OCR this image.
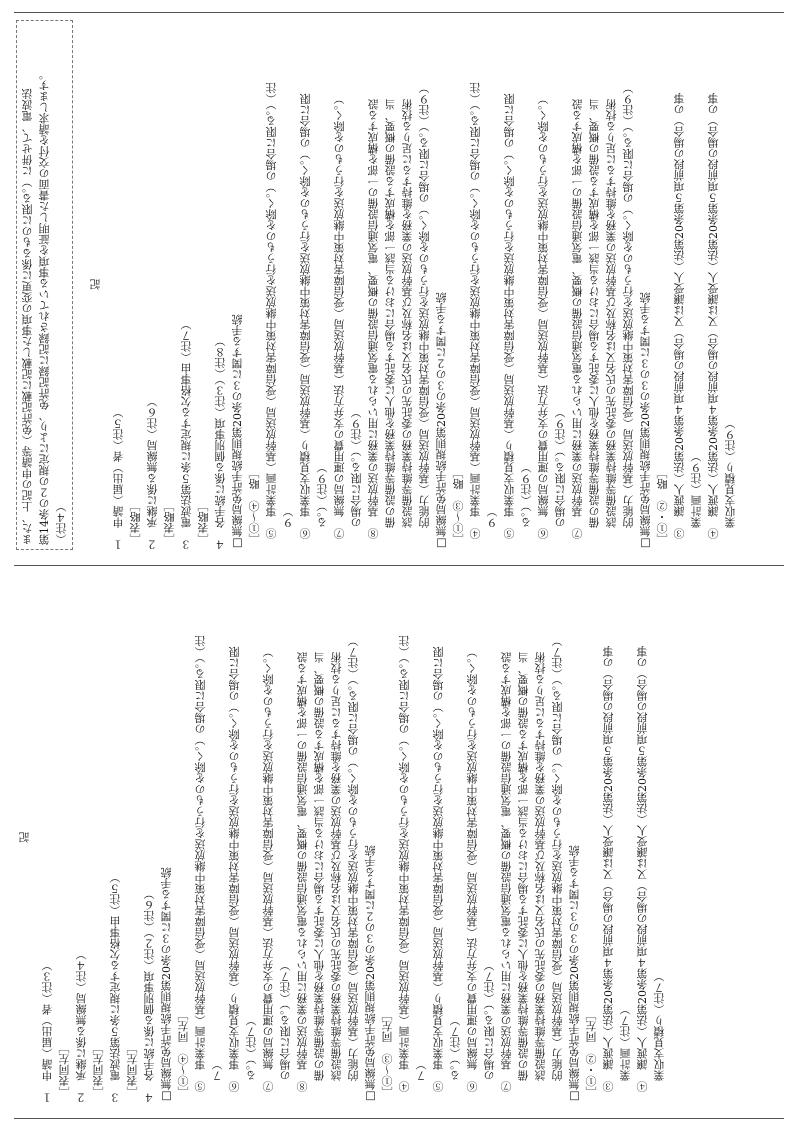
また、上記の申請等（免許記載に記載した事項の変更に係るものに限る。）に併せて、電波法 第14条の２の規定により、免許記録に記録されている事項を証明した書面の交付を請求します。 （注４）

記

１　申請（届出）者（注５） 　［表略］ ２　承継に係る無線局（注６） 　［表略］ ３　電波法第５条に規定する欠格事由（注７） 　［表略］ ４　各手続に係る個別事項（注３）（注８） □無線局免許手続規則第20条の３に関する手続 　［①～④　略］ 　⑤　事業計画（基幹放送局（受信障害対策中継放送を行うものを除く。）の場合に限る。）（注 　　９） 　⑥　事業収支見積り（基幹放送局（受信障害対策中継放送を行うものを除く。）の場合に限 　　る。）（注９） 　⑦　無線局の運用費の支弁方法（基幹放送局（受信障害対策中継放送を行うものを除く。） 　　の場合に限る。）（注９） 　⑧　基幹放送の業務に用いられる電気通信設備の概要、電気通信設備の一部を構成する設 　　備の設備等維持業務を他人に委託する場合における当該一部を構成する設備の概要、当 　　該設備等維持業務の委託先の氏名又は名称及び基幹放送の業務を維持するに足りる技術 　　的能力（基幹放送局（受信障害対策中継放送を行うものを除く。）の場合に限る。）（注９） □無線局免許手続規則第20条の３の２に関する手続 　［①～③　略］ 　④　事業計画（基幹放送局（受信障害対策中継放送を行うものを除く。）の場合に限る。）（注 　　９） 　⑤　事業収支見積り（基幹放送局（受信障害対策中継放送を行うものを除く。）の場合に限 　　る。）（注９） 　⑥　無線局の運用費の支弁方法（基幹放送局（受信障害対策中継放送を行うものを除く。） 　　の場合に限る。）（注９） 　⑦　基幹放送の業務に用いられる電気通信設備の概要、電気通信設備の一部を構成する設 　　備の設備等維持業務を他人に委託する場合における当該一部を構成する設備の概要、当 　　該設備等維持業務の委託先の氏名又は名称及び基幹放送の業務を維持するに足りる技術 　　的能力（基幹放送局（受信障害対策中継放送を行うものを除く。）の場合に限る。）（注９） □無線局免許手続規則第20条の３の３に関する手続 　［①・②　略］ 　③　譲渡人（法第20条第４項前段の場合）又は譲受人（法第20条第５項前段の場合）の事 　　業計画（注９） 　④　譲渡人（法第20条第４項前段の場合）又は譲受人（法第20条第５項前段の場合）の事 　　業収支見積り（注９）

記

１　申請（届出）者（注３） 　［表同左］ ２　承継に係る無線局（注４） 　［表同左］ ３　電波法第５条に規定する欠格事由（注５） 　［表同左］ ４　各手続に係る個別事項（注２）（注６） □無線局免許手続規則第20条の３に関する手続 　［①～④　同左］ 　⑤　事業計画（基幹放送局（受信障害対策中継放送を行うものを除く。）の場合に限る。）（注 　　７） 　⑥　事業収支見積り（基幹放送局（受信障害対策中継放送を行うものを除く。）の場合に限 　　る。）（注７） 　⑦　無線局の運用費の支弁方法（基幹放送局（受信障害対策中継放送を行うものを除く。） 　　の場合に限る。）（注７） 　⑧　基幹放送の業務に用いられる電気通信設備の概要、電気通信設備の一部を構成する設 　　備の設備等維持業務を他人に委託する場合における当該一部を構成する設備の概要、当 　　該設備等維持業務の委託先の氏名又は名称及び基幹放送の業務を維持するに足りる技術 　　的能力（基幹放送局（受信障害対策中継放送を行うものを除く。）の場合に限る。）（注７） □無線局免許手続規則第20条の３の２に関する手続 　［①～③　同左］ 　④　事業計画（基幹放送局（受信障害対策中継放送を行うものを除く。）の場合に限る。）（注 　　７） 　⑤　事業収支見積り（基幹放送局（受信障害対策中継放送を行うものを除く。）の場合に限 　　る。）（注７） 　⑥　無線局の運用費の支弁方法（基幹放送局（受信障害対策中継放送を行うものを除く。） 　　の場合に限る。）（注７） 　⑦　基幹放送の業務に用いられる電気通信設備の概要、電気通信設備の一部を構成する設 　　備の設備等維持業務を他人に委託する場合における当該一部を構成する設備の概要、当 　　該設備等維持業務の委託先の氏名又は名称及び基幹放送の業務を維持するに足りる技術 　　的能力（基幹放送局（受信障害対策中継放送を行うものを除く。）の場合に限る。）（注７） □無線局免許手続規則第20条の３の３に関する手続 　［①・②　同左］ 　③　譲渡人（法第20条第４項前段の場合）又は譲受人（法第20条第５項前段の場合）の事 　　業計画（注７） 　④　譲渡人（法第20条第４項前段の場合）又は譲受人（法第20条第５項前段の場合）の事 　　業収支見積り（注７）
